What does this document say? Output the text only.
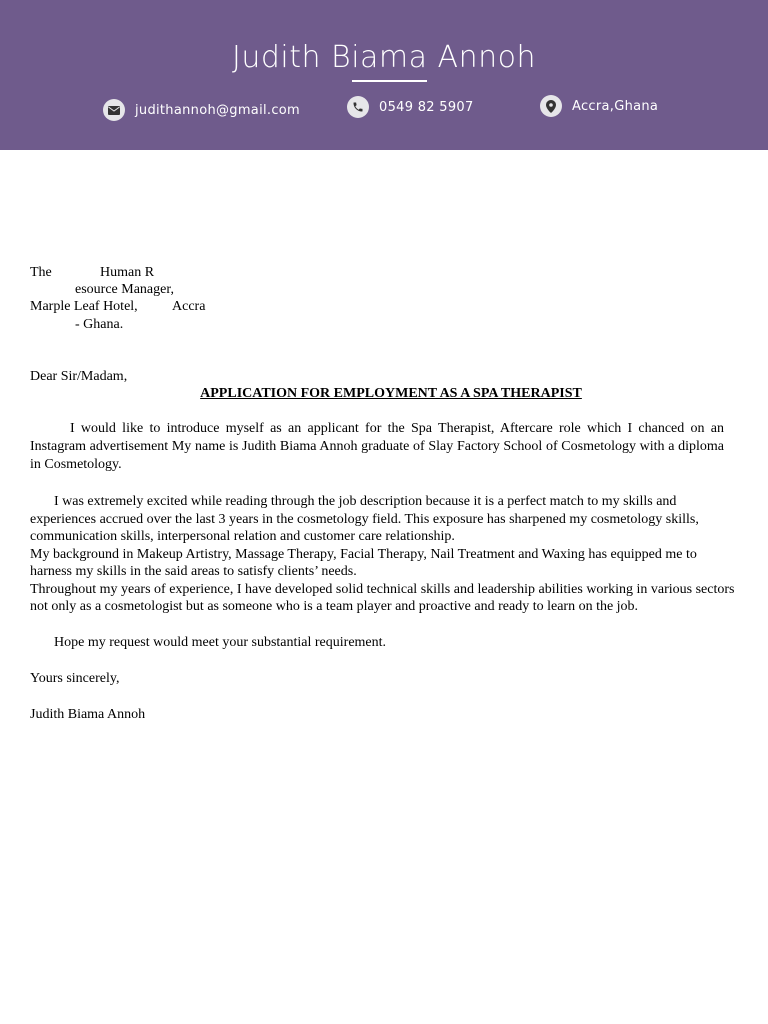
Judith Biama Annoh
judithannoh@gmail.com	0549 82 5907	Accra,Ghana
The	Human R
esource Manager,
Marple Leaf Hotel, Accra
- Ghana.
Dear Sir/Madam,
APPLICATION FOR EMPLOYMENT AS A SPA THERAPIST
I would like to introduce myself as an applicant for the Spa Therapist, Aftercare role which I chanced on an Instagram advertisement My name is Judith Biama Annoh graduate of Slay Factory School of Cosmetology with a diploma in Cosmetology.
I was extremely excited while reading through the job description because it is a perfect match to my skills and
experiences accrued over the last 3 years in the cosmetology field. This exposure has sharpened my cosmetology skills,
communication skills, interpersonal relation and customer care relationship.
My background in Makeup Artistry, Massage Therapy, Facial Therapy, Nail Treatment and Waxing has equipped me to
harness my skills in the said areas to satisfy clients’ needs.
Throughout my years of experience, I have developed solid technical skills and leadership abilities working in various sectors
not only as a cosmetologist but as someone who is a team player and proactive and ready to learn on the job.
Hope my request would meet your substantial requirement.
Yours sincerely,
Judith Biama Annoh
